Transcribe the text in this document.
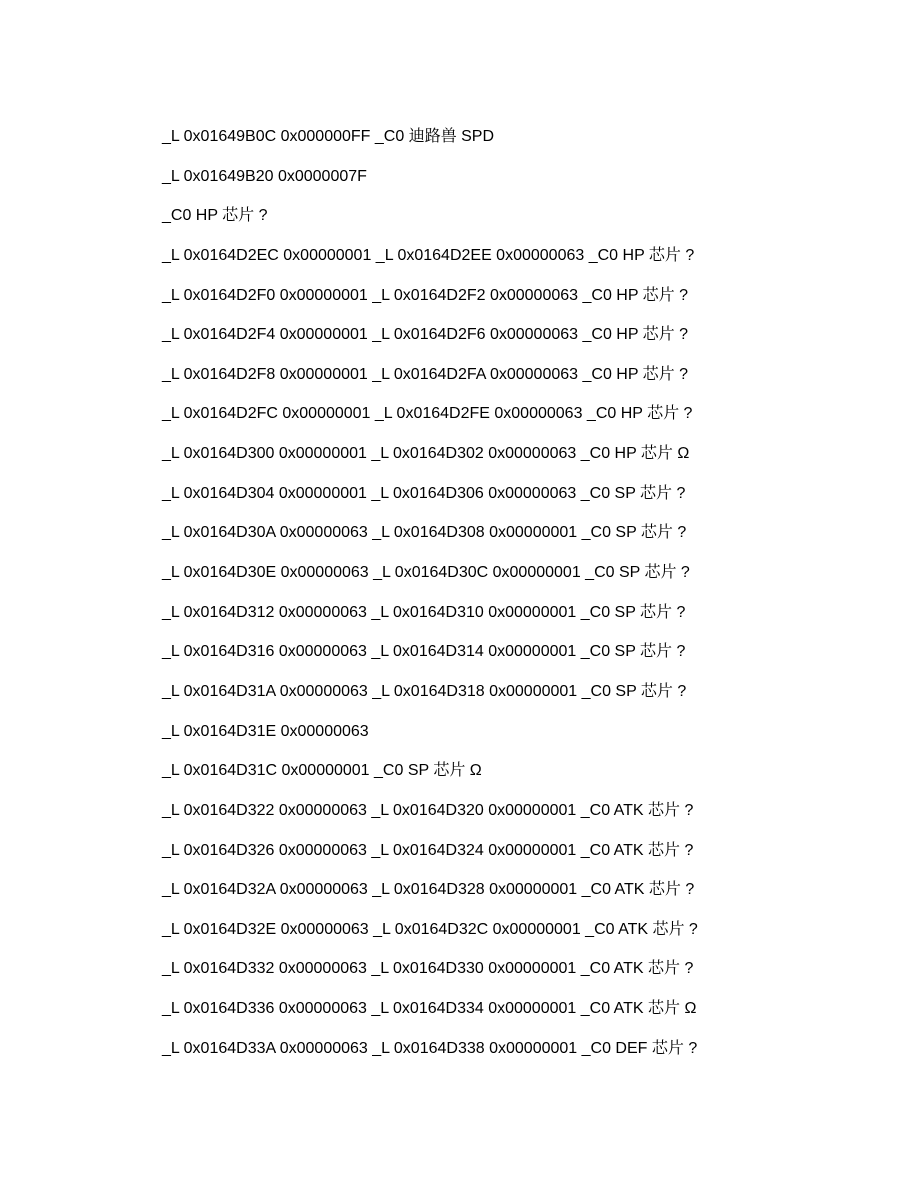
_L 0x01649B0C 0x000000FF _C0 迪路兽 SPD
_L 0x01649B20 0x0000007F
_C0 HP 芯片 ?
_L 0x0164D2EC 0x00000001 _L 0x0164D2EE 0x00000063 _C0 HP 芯片 ?
_L 0x0164D2F0 0x00000001 _L 0x0164D2F2 0x00000063 _C0 HP 芯片 ?
_L 0x0164D2F4 0x00000001 _L 0x0164D2F6 0x00000063 _C0 HP 芯片 ?
_L 0x0164D2F8 0x00000001 _L 0x0164D2FA 0x00000063 _C0 HP 芯片 ?
_L 0x0164D2FC 0x00000001 _L 0x0164D2FE 0x00000063 _C0 HP 芯片 ?
_L 0x0164D300 0x00000001 _L 0x0164D302 0x00000063 _C0 HP 芯片 Ω
_L 0x0164D304 0x00000001 _L 0x0164D306 0x00000063 _C0 SP 芯片 ?
_L 0x0164D30A 0x00000063 _L 0x0164D308 0x00000001 _C0 SP 芯片 ?
_L 0x0164D30E 0x00000063 _L 0x0164D30C 0x00000001 _C0 SP 芯片 ?
_L 0x0164D312 0x00000063 _L 0x0164D310 0x00000001 _C0 SP 芯片 ?
_L 0x0164D316 0x00000063 _L 0x0164D314 0x00000001 _C0 SP 芯片 ?
_L 0x0164D31A 0x00000063 _L 0x0164D318 0x00000001 _C0 SP 芯片 ?
_L 0x0164D31E 0x00000063
_L 0x0164D31C 0x00000001 _C0 SP 芯片 Ω
_L 0x0164D322 0x00000063 _L 0x0164D320 0x00000001 _C0 ATK 芯片 ?
_L 0x0164D326 0x00000063 _L 0x0164D324 0x00000001 _C0 ATK 芯片 ?
_L 0x0164D32A 0x00000063 _L 0x0164D328 0x00000001 _C0 ATK 芯片 ?
_L 0x0164D32E 0x00000063 _L 0x0164D32C 0x00000001 _C0 ATK 芯片 ?
_L 0x0164D332 0x00000063 _L 0x0164D330 0x00000001 _C0 ATK 芯片 ?
_L 0x0164D336 0x00000063 _L 0x0164D334 0x00000001 _C0 ATK 芯片 Ω
_L 0x0164D33A 0x00000063 _L 0x0164D338 0x00000001 _C0 DEF 芯片 ?
